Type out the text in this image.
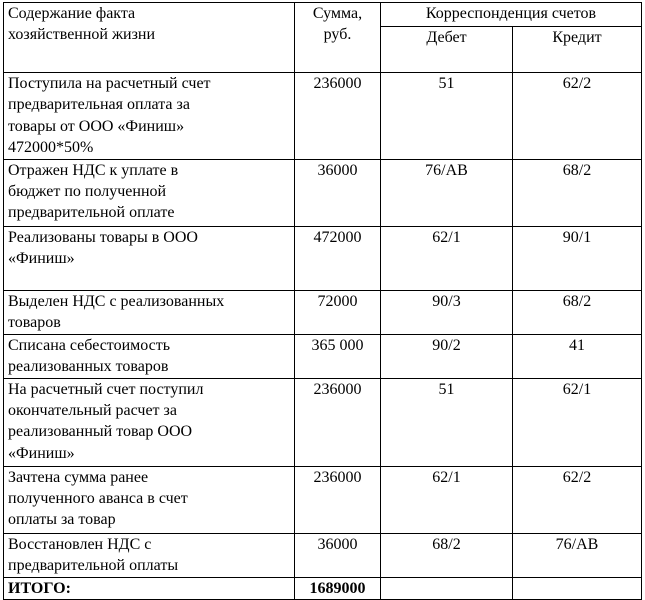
Содержание факта
хозяйственной жизни	Сумма,
руб.	Корреспонденция счетов	
		Дебет	Кредит

Поступила на расчетный счет
предварительная оплата за
товары от ООО «Финиш»
472000*50%	236000	51	62/2

Отражен НДС к уплате в
бюджет по полученной
предварительной оплате	36000	76/АВ	68/2

Реализованы товары в ООО
«Финиш»	472000	62/1	90/1

Выделен НДС с реализованных
товаров	72000	90/3	68/2

Списана себестоимость
реализованных товаров	365 000	90/2	41

На расчетный счет поступил
окончательный расчет за
реализованный товар ООО
«Финиш»	236000	51	62/1

Зачтена сумма ранее
полученного аванса в счет
оплаты за товар	236000	62/1	62/2

Восстановлен НДС с
предварительной оплаты	36000	68/2	76/АВ
ИТОГО:	1689000		
